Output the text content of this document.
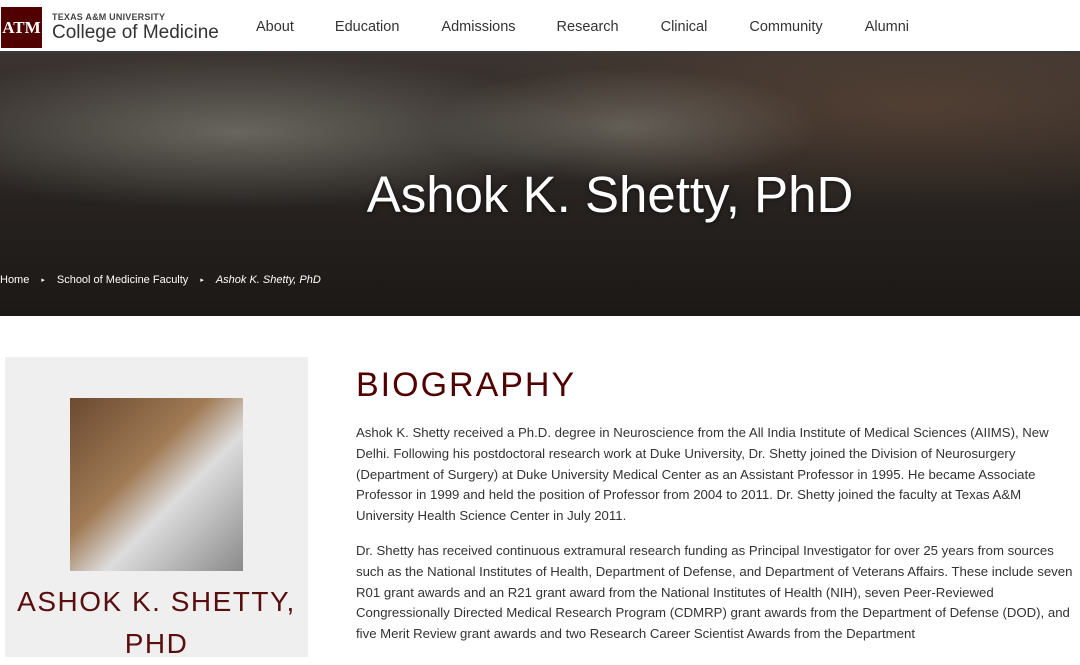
ATM
TEXAS A&M UNIVERSITY
College of Medicine	About	Education	Admissions	Research	Clinical	Community	Alumni
Ashok K. Shetty, PhD
Home ▸ School of Medicine Faculty ▸ Ashok K. Shetty, PhD
ASHOK K. SHETTY, PHD
BIOGRAPHY

Ashok K. Shetty received a Ph.D. degree in Neuroscience from the All India Institute of Medical Sciences (AIIMS), New Delhi. Following his postdoctoral research work at Duke University, Dr. Shetty joined the Division of Neurosurgery (Department of Surgery) at Duke University Medical Center as an Assistant Professor in 1995. He became Associate Professor in 1999 and held the position of Professor from 2004 to 2011. Dr. Shetty joined the faculty at Texas A&M University Health Science Center in July 2011.

Dr. Shetty has received continuous extramural research funding as Principal Investigator for over 25 years from sources such as the National Institutes of Health, Department of Defense, and Department of Veterans Affairs. These include seven R01 grant awards and an R21 grant award from the National Institutes of Health (NIH), seven Peer-Reviewed Congressionally Directed Medical Research Program (CDMRP) grant awards from the Department of Defense (DOD), and five Merit Review grant awards and two Research Career Scientist Awards from the Department
